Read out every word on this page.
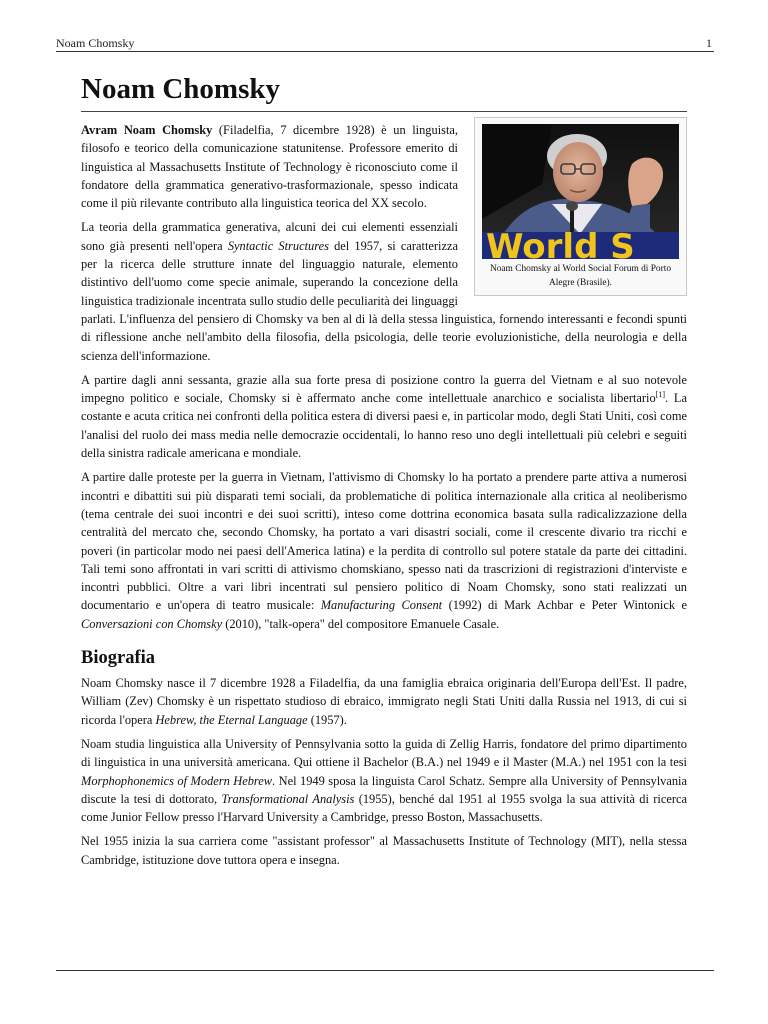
Noam Chomsky	1
Noam Chomsky
World S
Noam Chomsky al World Social Forum di Porto Alegre (Brasile).

Avram Noam Chomsky (Filadelfia, 7 dicembre 1928) è un linguista, filosofo e teorico della comunicazione statunitense. Professore emerito di linguistica al Massachusetts Institute of Technology è riconosciuto come il fondatore della grammatica generativo-trasformazionale, spesso indicata come il più rilevante contributo alla linguistica teorica del XX secolo.

La teoria della grammatica generativa, alcuni dei cui elementi essenziali sono già presenti nell'opera Syntactic Structures del 1957, si caratterizza per la ricerca delle strutture innate del linguaggio naturale, elemento distintivo dell'uomo come specie animale, superando la concezione della linguistica tradizionale incentrata sullo studio delle peculiarità dei linguaggi parlati. L'influenza del pensiero di Chomsky va ben al di là della stessa linguistica, fornendo interessanti e fecondi spunti di riflessione anche nell'ambito della filosofia, della psicologia, delle teorie evoluzionistiche, della neurologia e della scienza dell'informazione.

A partire dagli anni sessanta, grazie alla sua forte presa di posizione contro la guerra del Vietnam e al suo notevole impegno politico e sociale, Chomsky si è affermato anche come intellettuale anarchico e socialista libertario[1]. La costante e acuta critica nei confronti della politica estera di diversi paesi e, in particolar modo, degli Stati Uniti, così come l'analisi del ruolo dei mass media nelle democrazie occidentali, lo hanno reso uno degli intellettuali più celebri e seguiti della sinistra radicale americana e mondiale.

A partire dalle proteste per la guerra in Vietnam, l'attivismo di Chomsky lo ha portato a prendere parte attiva a numerosi incontri e dibattiti sui più disparati temi sociali, da problematiche di politica internazionale alla critica al neoliberismo (tema centrale dei suoi incontri e dei suoi scritti), inteso come dottrina economica basata sulla radicalizzazione della centralità del mercato che, secondo Chomsky, ha portato a vari disastri sociali, come il crescente divario tra ricchi e poveri (in particolar modo nei paesi dell'America latina) e la perdita di controllo sul potere statale da parte dei cittadini. Tali temi sono affrontati in vari scritti di attivismo chomskiano, spesso nati da trascrizioni di registrazioni d'interviste e incontri pubblici. Oltre a vari libri incentrati sul pensiero politico di Noam Chomsky, sono stati realizzati un documentario e un'opera di teatro musicale: Manufacturing Consent (1992) di Mark Achbar e Peter Wintonick e Conversazioni con Chomsky (2010), "talk-opera" del compositore Emanuele Casale.

Biografia

Noam Chomsky nasce il 7 dicembre 1928 a Filadelfia, da una famiglia ebraica originaria dell'Europa dell'Est. Il padre, William (Zev) Chomsky è un rispettato studioso di ebraico, immigrato negli Stati Uniti dalla Russia nel 1913, di cui si ricorda l'opera Hebrew, the Eternal Language (1957).

Noam studia linguistica alla University of Pennsylvania sotto la guida di Zellig Harris, fondatore del primo dipartimento di linguistica in una università americana. Qui ottiene il Bachelor (B.A.) nel 1949 e il Master (M.A.) nel 1951 con la tesi Morphophonemics of Modern Hebrew. Nel 1949 sposa la linguista Carol Schatz. Sempre alla University of Pennsylvania discute la tesi di dottorato, Transformational Analysis (1955), benché dal 1951 al 1955 svolga la sua attività di ricerca come Junior Fellow presso l'Harvard University a Cambridge, presso Boston, Massachusetts.

Nel 1955 inizia la sua carriera come "assistant professor" al Massachusetts Institute of Technology (MIT), nella stessa Cambridge, istituzione dove tuttora opera e insegna.
